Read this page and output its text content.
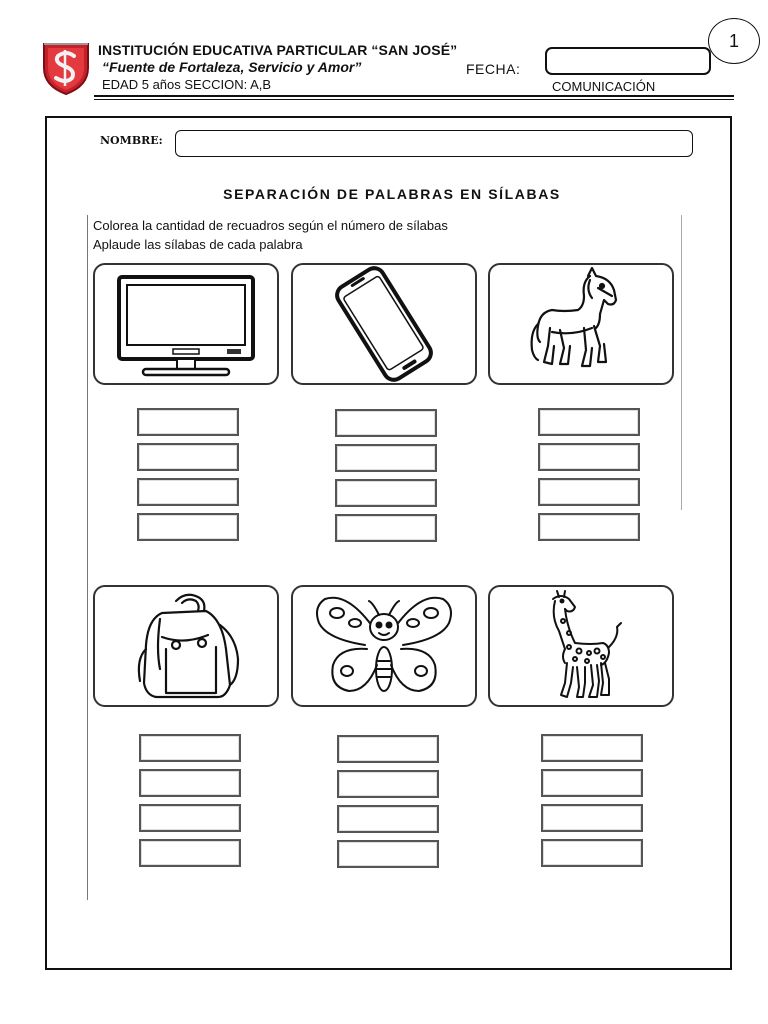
INSTITUCIÓN EDUCATIVA PARTICULAR “SAN JOSÉ”
“Fuente de Fortaleza, Servicio y Amor”
EDAD 5 años SECCION: A,B
FECHA:
1
COMUNICACIÓN
NOMBRE:
SEPARACIÓN DE PALABRAS EN SÍLABAS
Colorea la cantidad de recuadros según el número de sílabas
Aplaude las sílabas de cada palabra
